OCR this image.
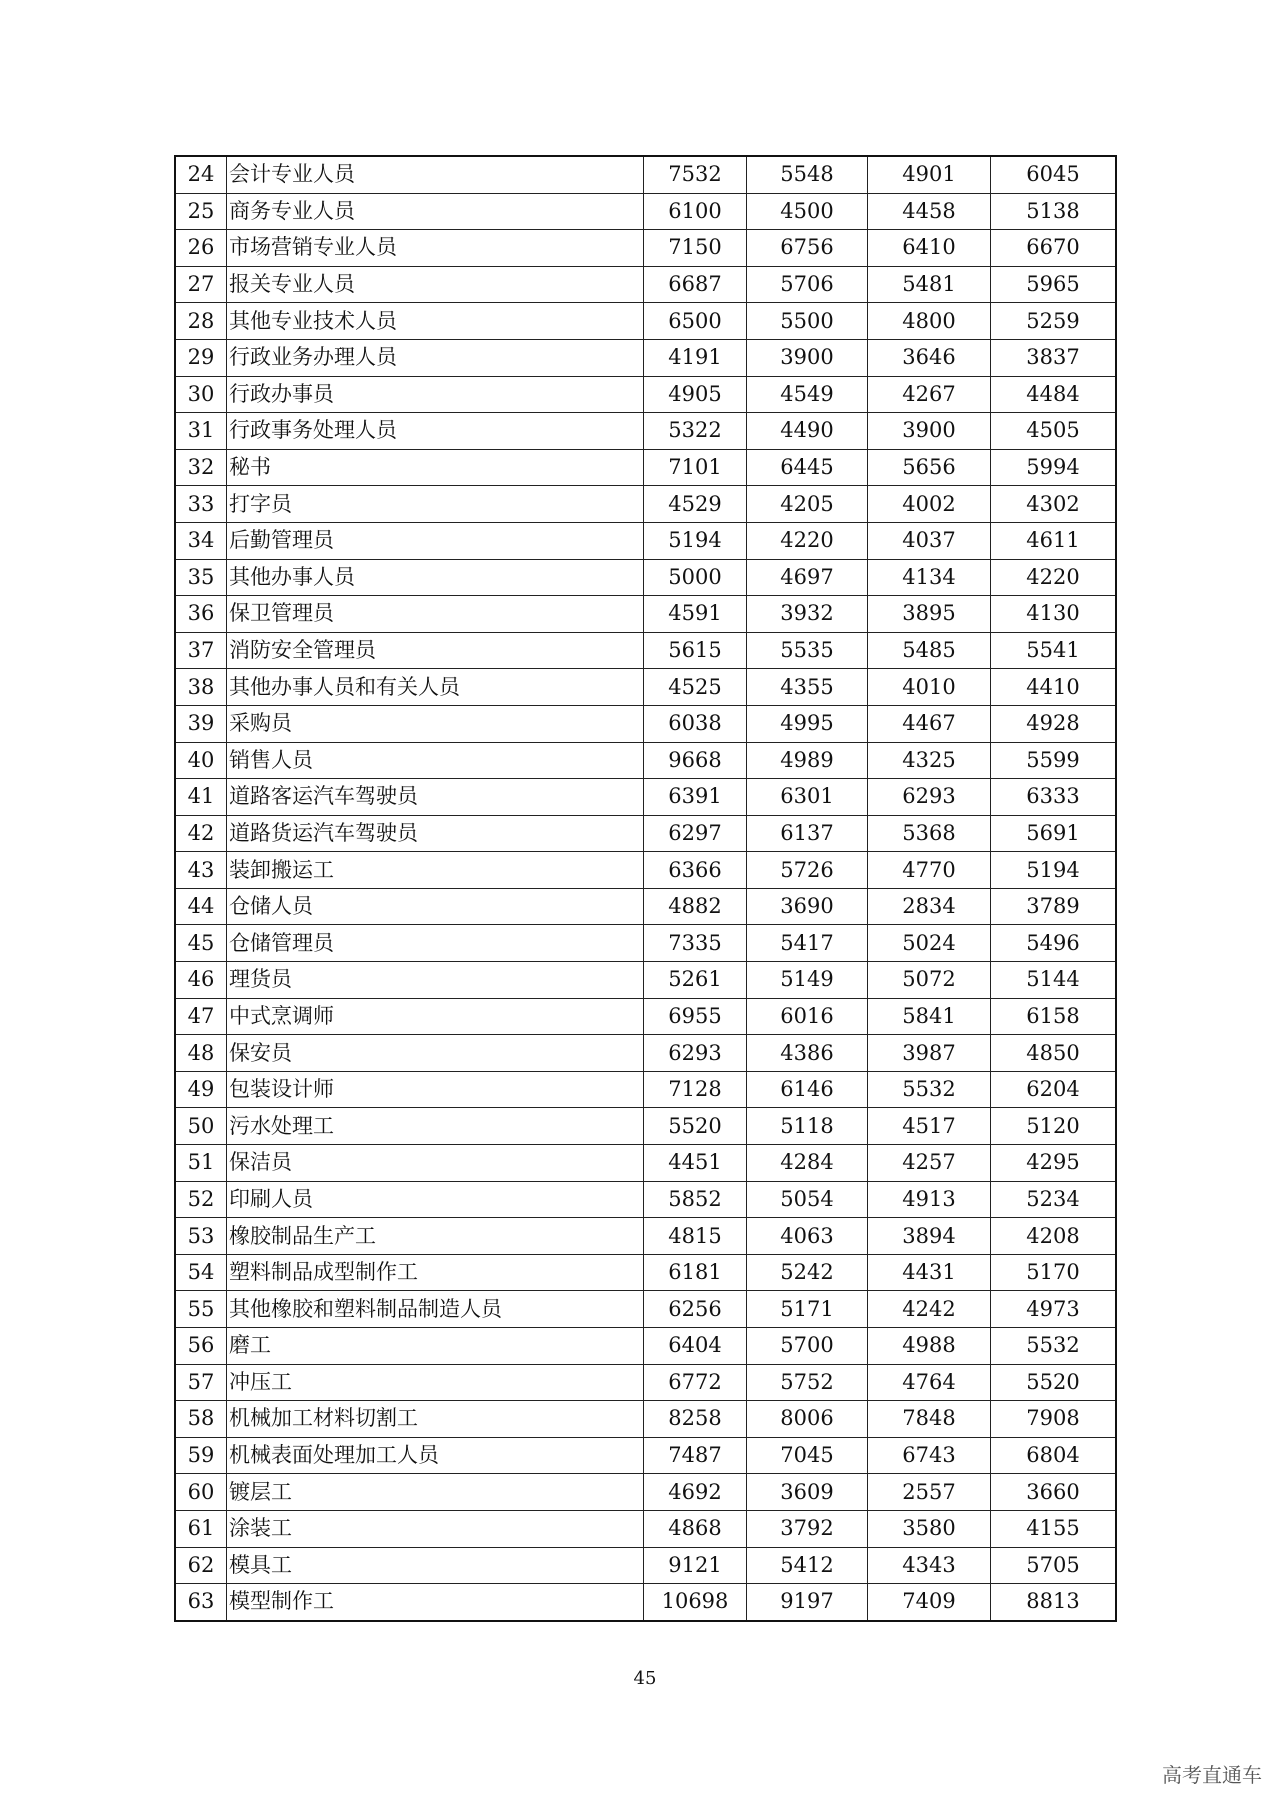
24	会计专业人员	7532	5548	4901	6045
25	商务专业人员	6100	4500	4458	5138
26	市场营销专业人员	7150	6756	6410	6670
27	报关专业人员	6687	5706	5481	5965
28	其他专业技术人员	6500	5500	4800	5259
29	行政业务办理人员	4191	3900	3646	3837
30	行政办事员	4905	4549	4267	4484
31	行政事务处理人员	5322	4490	3900	4505
32	秘书	7101	6445	5656	5994
33	打字员	4529	4205	4002	4302
34	后勤管理员	5194	4220	4037	4611
35	其他办事人员	5000	4697	4134	4220
36	保卫管理员	4591	3932	3895	4130
37	消防安全管理员	5615	5535	5485	5541
38	其他办事人员和有关人员	4525	4355	4010	4410
39	采购员	6038	4995	4467	4928
40	销售人员	9668	4989	4325	5599
41	道路客运汽车驾驶员	6391	6301	6293	6333
42	道路货运汽车驾驶员	6297	6137	5368	5691
43	装卸搬运工	6366	5726	4770	5194
44	仓储人员	4882	3690	2834	3789
45	仓储管理员	7335	5417	5024	5496
46	理货员	5261	5149	5072	5144
47	中式烹调师	6955	6016	5841	6158
48	保安员	6293	4386	3987	4850
49	包装设计师	7128	6146	5532	6204
50	污水处理工	5520	5118	4517	5120
51	保洁员	4451	4284	4257	4295
52	印刷人员	5852	5054	4913	5234
53	橡胶制品生产工	4815	4063	3894	4208
54	塑料制品成型制作工	6181	5242	4431	5170
55	其他橡胶和塑料制品制造人员	6256	5171	4242	4973
56	磨工	6404	5700	4988	5532
57	冲压工	6772	5752	4764	5520
58	机械加工材料切割工	8258	8006	7848	7908
59	机械表面处理加工人员	7487	7045	6743	6804
60	镀层工	4692	3609	2557	3660
61	涂装工	4868	3792	3580	4155
62	模具工	9121	5412	4343	5705
63	模型制作工	10698	9197	7409	8813
45
高考直通车
